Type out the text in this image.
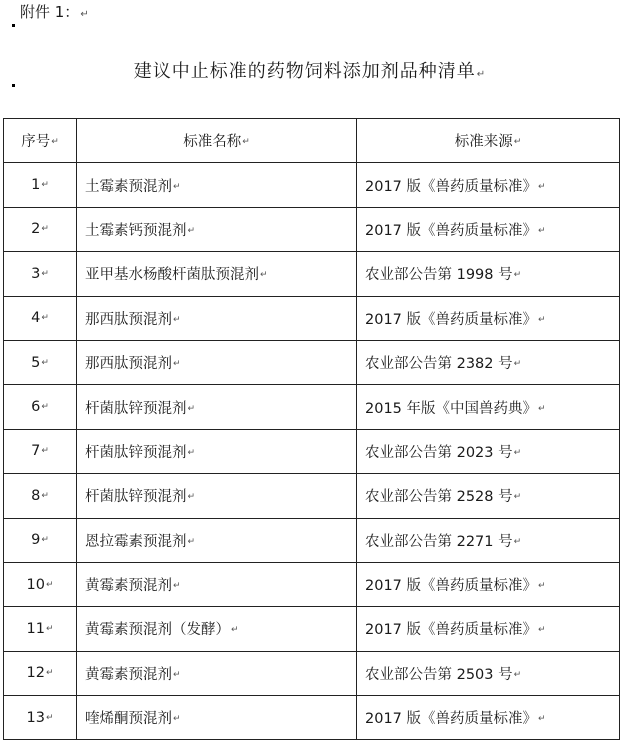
附件 1：↵
建议中止标准的药物饲料添加剂品种清单↵
序号↵	标准名称↵	标准来源↵
1↵	土霉素预混剂↵	2017 版《兽药质量标准》↵
2↵	土霉素钙预混剂↵	2017 版《兽药质量标准》↵
3↵	亚甲基水杨酸杆菌肽预混剂↵	农业部公告第 1998 号↵
4↵	那西肽预混剂↵	2017 版《兽药质量标准》↵
5↵	那西肽预混剂↵	农业部公告第 2382 号↵
6↵	杆菌肽锌预混剂↵	2015 年版《中国兽药典》↵
7↵	杆菌肽锌预混剂↵	农业部公告第 2023 号↵
8↵	杆菌肽锌预混剂↵	农业部公告第 2528 号↵
9↵	恩拉霉素预混剂↵	农业部公告第 2271 号↵
10↵	黄霉素预混剂↵	2017 版《兽药质量标准》↵
11↵	黄霉素预混剂（发酵）↵	2017 版《兽药质量标准》↵
12↵	黄霉素预混剂↵	农业部公告第 2503 号↵
13↵	喹烯酮预混剂↵	2017 版《兽药质量标准》↵
